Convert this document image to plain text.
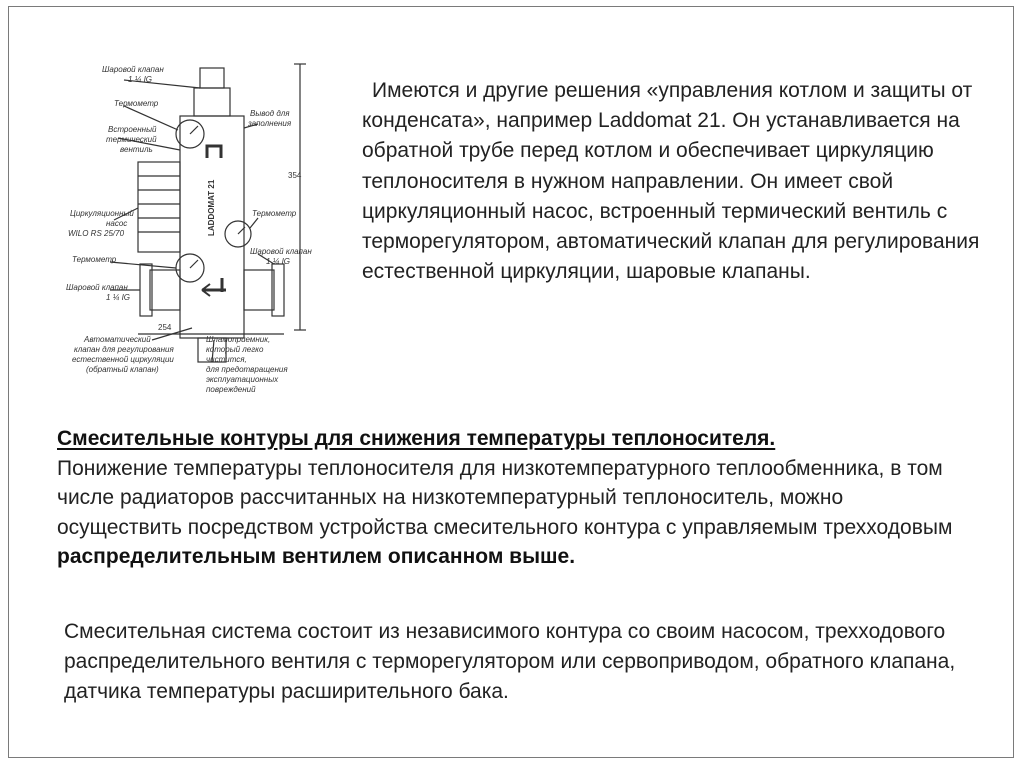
LADDOMAT 21
354
254
Шаровой клапан
1 ¼ IG
Термометр
Встроенный
термический
вентиль
Вывод для
заполнения
Циркуляционный
насос
WILO RS 25/70
Термометр
Шаровой клапан
1 ¼ IG
Термометр
Шаровой клапан
1 ¼ IG
Автоматический
клапан для регулирования
естественной циркуляции
(обратный клапан)
Шламоприемник,
который легко
чистится,
для предотвращения
эксплуатационных
повреждений

Имеются и другие решения «управления котлом и защиты от конденсата», например Laddomat 21. Он устанавливается на обратной трубе перед котлом и обеспечивает циркуляцию теплоносителя в нужном направлении. Он имеет свой циркуляционный насос, встроенный термический вентиль с терморегулятором, автоматический клапан для регулирования естественной циркуляции, шаровые клапаны.

Смесительные контуры для снижения температуры теплоносителя.
Понижение температуры теплоносителя для низкотемпературного теплообменника, в том числе радиаторов рассчитанных на низкотемпературный теплоноситель, можно осуществить посредством устройства смесительного контура с управляемым трехходовым
распределительным вентилем описанном выше.

Смесительная система состоит из независимого контура со своим насосом, трехходового распределительного вентиля с терморегулятором или сервоприводом, обратного клапана, датчика температуры расширительного бака.
